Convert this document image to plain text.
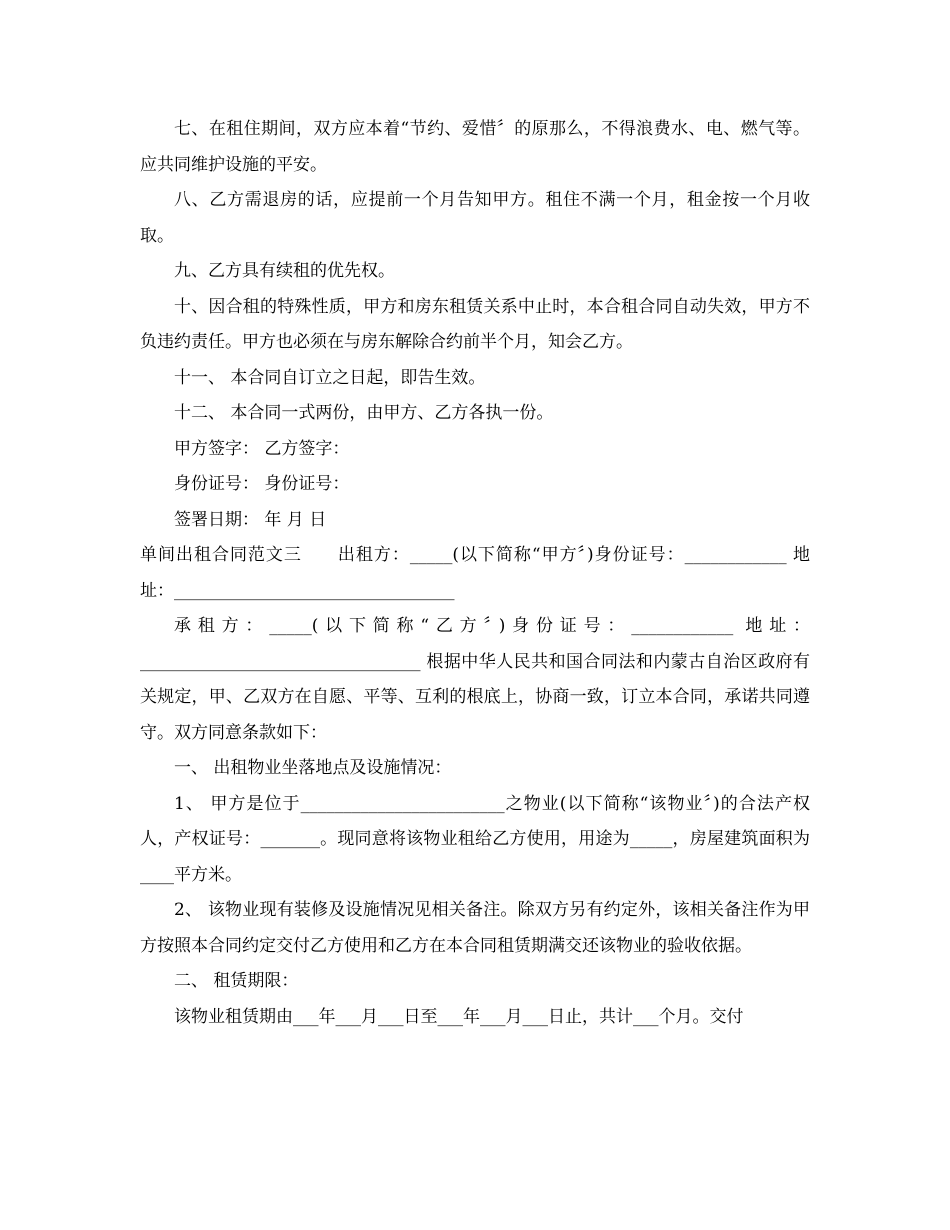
七、在租住期间，双方应本着“节约、爱惜〞的原那么，不得浪费水、电、燃气等。应共同维护设施的平安。

八、乙方需退房的话，应提前一个月告知甲方。租住不满一个月，租金按一个月收取。

九、乙方具有续租的优先权。

十、因合租的特殊性质，甲方和房东租赁关系中止时，本合租合同自动失效，甲方不负违约责任。甲方也必须在与房东解除合约前半个月，知会乙方。

十一、 本合同自订立之日起，即告生效。

十二、 本合同一式两份，由甲方、乙方各执一份。

甲方签字： 乙方签字：

身份证号： 身份证号：

签署日期： 年 月 日

单间出租合同范文三　　出租方：_____(以下简称“甲方〞)身份证号：____________ 地址：_________________________________

承租方：_____(以下简称“乙方〞)身份证号：____________ 地址：_________________________________ 根据中华人民共和国合同法和内蒙古自治区政府有关规定，甲、乙双方在自愿、平等、互利的根底上，协商一致，订立本合同，承诺共同遵守。双方同意条款如下：

一、 出租物业坐落地点及设施情况：

1、 甲方是位于________________________之物业(以下简称“该物业〞)的合法产权人，产权证号：_______。现同意将该物业租给乙方使用，用途为_____，房屋建筑面积为____平方米。

2、 该物业现有装修及设施情况见相关备注。除双方另有约定外，该相关备注作为甲方按照本合同约定交付乙方使用和乙方在本合同租赁期满交还该物业的验收依据。

二、 租赁期限：

该物业租赁期由___年___月___日至___年___月___日止，共计___个月。交付
